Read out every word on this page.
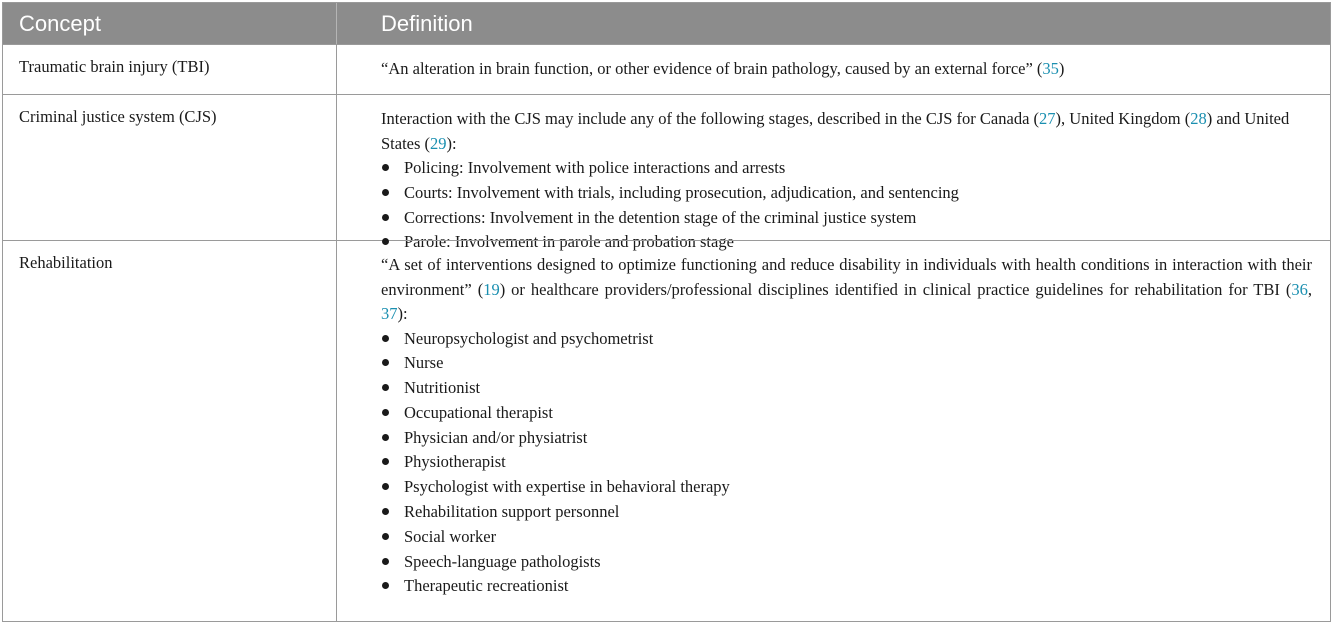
Concept	Definition
Traumatic brain injury (TBI)	“An alteration in brain function, or other evidence of brain pathology, caused by an external force” (35)

Criminal justice system (CJS)	Interaction with the CJS may include any of the following stages, described in the CJS for Canada (27), United Kingdom (28) and United States (29):

Policing: Involvement with police interactions and arrests
Courts: Involvement with trials, including prosecution, adjudication, and sentencing
Corrections: Involvement in the detention stage of the criminal justice system
Parole: Involvement in parole and probation stage
Rehabilitation	“A set of interventions designed to optimize functioning and reduce disability in individuals with health conditions in interaction with their environment” (19) or healthcare providers/professional disciplines identified in clinical practice guidelines for rehabilitation for TBI (36, 37):

Neuropsychologist and psychometrist
Nurse
Nutritionist
Occupational therapist
Physician and/or physiatrist
Physiotherapist
Psychologist with expertise in behavioral therapy
Rehabilitation support personnel
Social worker
Speech-language pathologists
Therapeutic recreationist
